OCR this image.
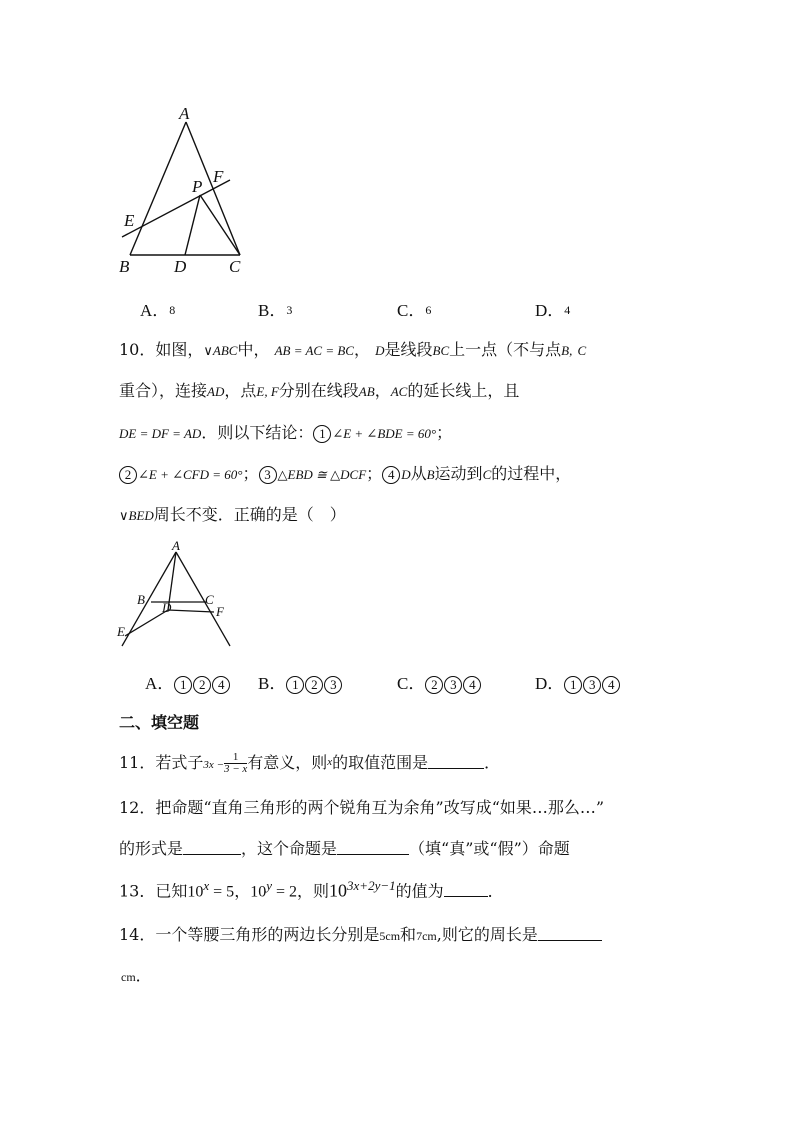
A
P
F
E
B	D	C
A．8	B．3	C．6	D．4
10．如图，∨ABC中， AB = AC = BC， D是线段BC上一点（不与点B, C
重合），连接AD，点E, F分别在线段AB，AC的延长线上，且
DE = DF = AD．则以下结论： 1 ∠E + ∠BDE = 60°；
2 ∠E + ∠CFD = 60°； 3 △EBD ≅ △DCF； 4 D从B运动到C的过程中，
∨BED周长不变．正确的是（　）
A
B	C
D
E
F
A． 1 2 4	B． 1 2 3	C． 2 3 4	D． 1 3 4
二、填空题
11．若式子$3x - \frac{1}{3 - x}$ 有意义，则x的取值范围是	．
12．把命题“直角三角形的两个锐角互为余角”改写成“如果…那么…”
的形式是	，这个命题是	（填“真”或“假”）命题
13．已知$10^x = 5$，$10^y = 2$，则$10^{3x+2y-1}$的值为	．
14．一个等腰三角形的两边长分别是5cm和7cm,则它的周长是
cm．
